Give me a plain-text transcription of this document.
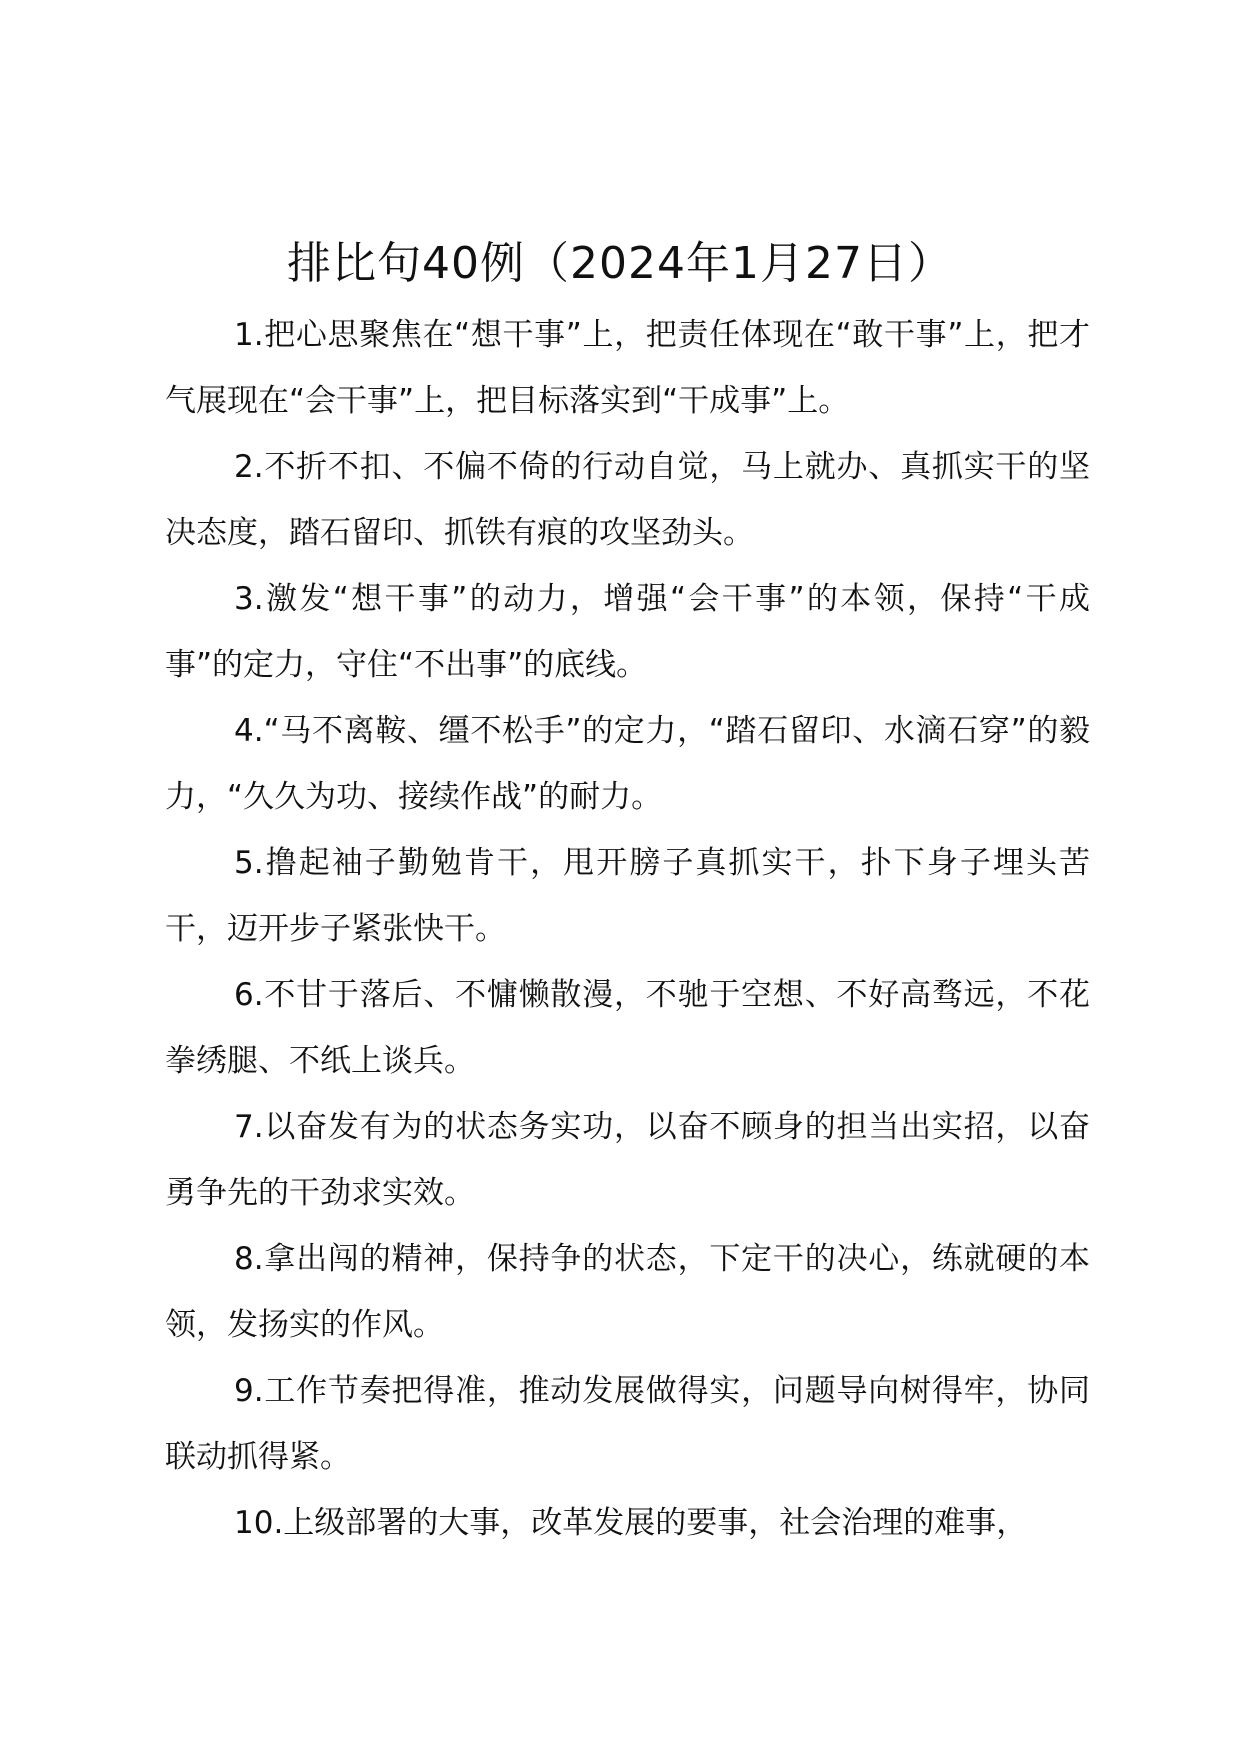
排比句40例（2024年1月27日）

1.把心思聚焦在“想干事”上，把责任体现在“敢干事”上，把才气展现在“会干事”上，把目标落实到“干成事”上。

2.不折不扣、不偏不倚的行动自觉，马上就办、真抓实干的坚决态度，踏石留印、抓铁有痕的攻坚劲头。

3.激发“想干事”的动力，增强“会干事”的本领，保持“干成事”的定力，守住“不出事”的底线。

4.“马不离鞍、缰不松手”的定力，“踏石留印、水滴石穿”的毅力，“久久为功、接续作战”的耐力。

5.撸起袖子勤勉肯干，甩开膀子真抓实干，扑下身子埋头苦干，迈开步子紧张快干。

6.不甘于落后、不慵懒散漫，不驰于空想、不好高骛远，不花拳绣腿、不纸上谈兵。

7.以奋发有为的状态务实功，以奋不顾身的担当出实招，以奋勇争先的干劲求实效。

8.拿出闯的精神，保持争的状态，下定干的决心，练就硬的本领，发扬实的作风。

9.工作节奏把得准，推动发展做得实，问题导向树得牢，协同联动抓得紧。

10.上级部署的大事，改革发展的要事，社会治理的难事，
